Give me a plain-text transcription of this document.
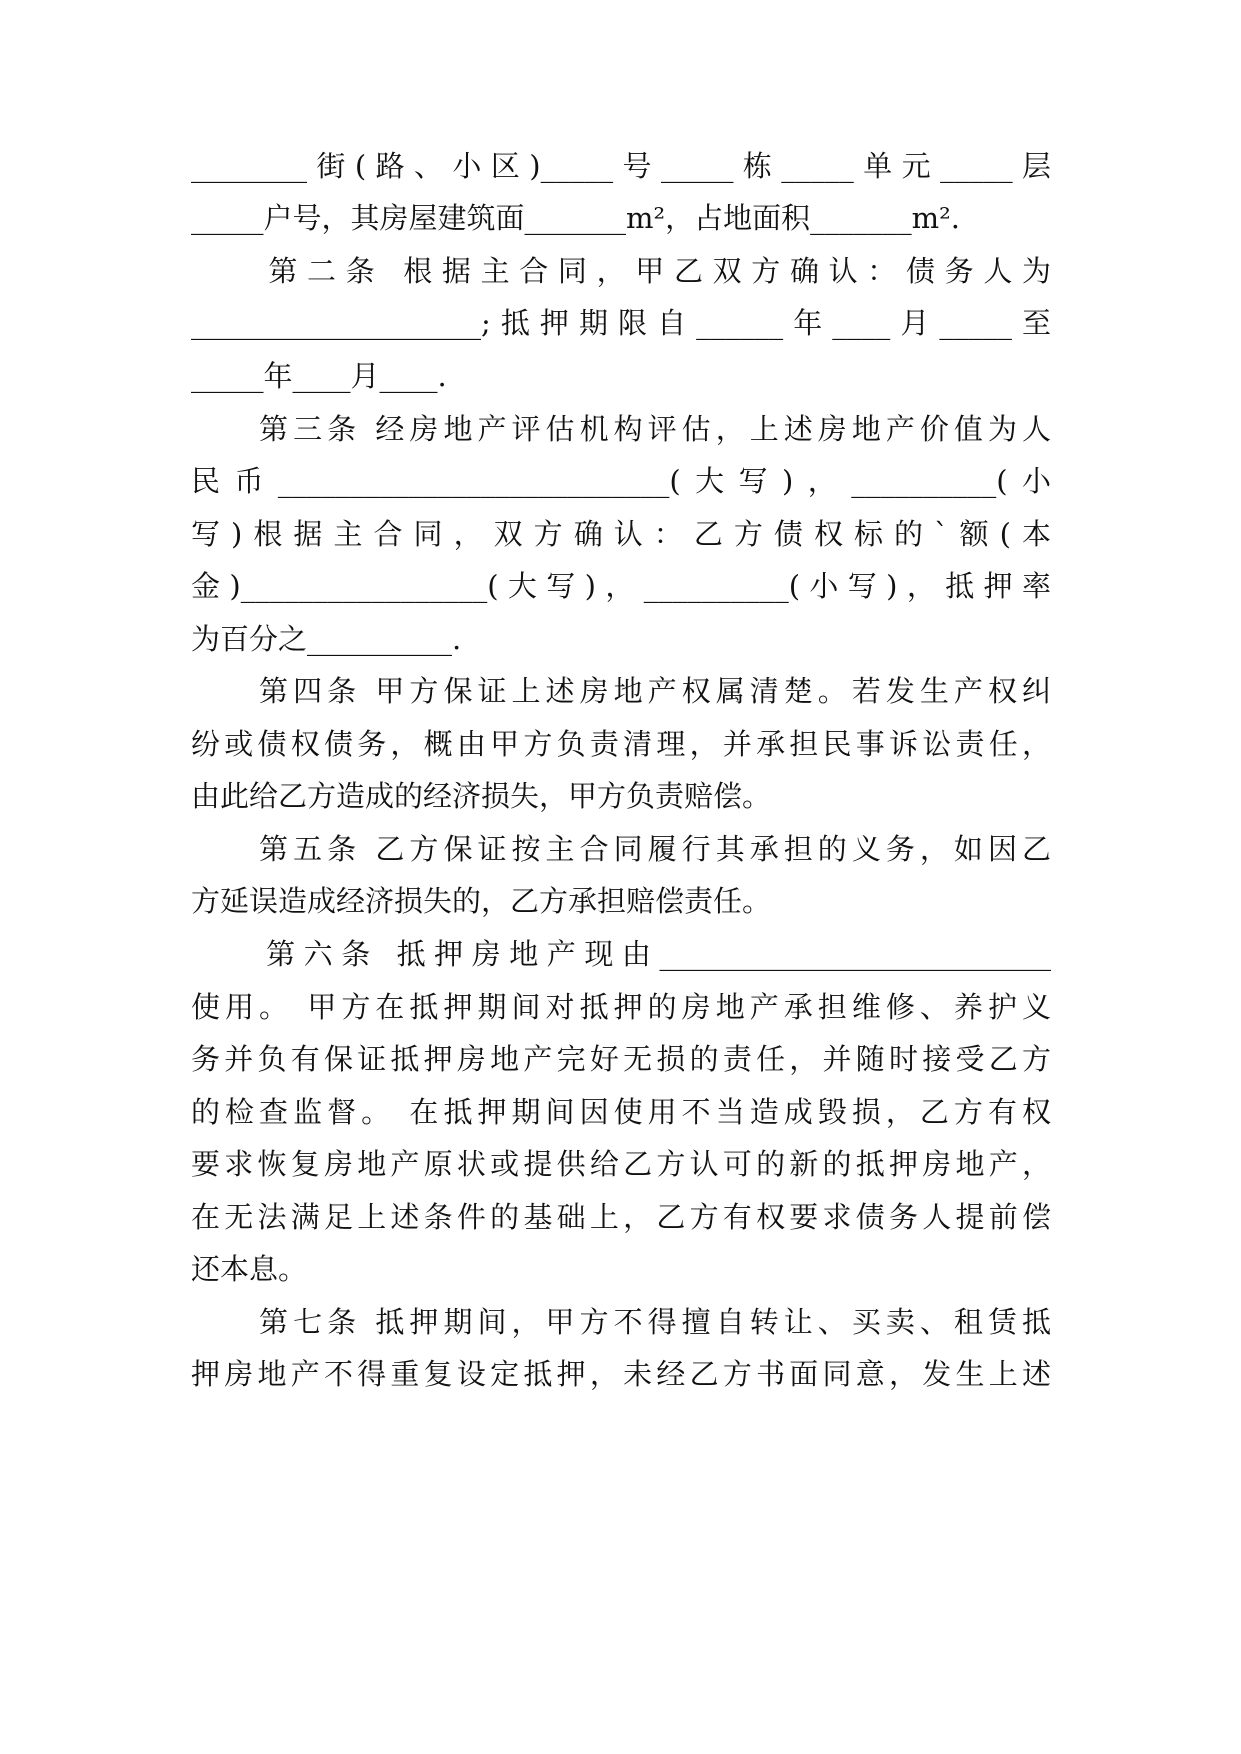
________街(路、小区)_____号_____栋_____单元_____层
_____户号，其房屋建筑面_______m²，占地面积_______m².
　　第二条 根据主合同，甲乙双方确认：债务人为
____________________;抵押期限自______年____月_____至
_____年____月____.
　　第三条 经房地产评估机构评估，上述房地产价值为人
民币___________________________(大写)，__________(小
写)根据主合同，双方确认：乙方债权标的`额(本
金)_________________(大写)，__________(小写)，抵押率
为百分之__________.
　　第四条 甲方保证上述房地产权属清楚。若发生产权纠
纷或债权债务，概由甲方负责清理，并承担民事诉讼责任，
由此给乙方造成的经济损失，甲方负责赔偿。
　　第五条 乙方保证按主合同履行其承担的义务，如因乙
方延误造成经济损失的，乙方承担赔偿责任。
　　第六条 抵押房地产现由___________________________
使用。 甲方在抵押期间对抵押的房地产承担维修、养护义
务并负有保证抵押房地产完好无损的责任，并随时接受乙方
的检查监督。 在抵押期间因使用不当造成毁损，乙方有权
要求恢复房地产原状或提供给乙方认可的新的抵押房地产，
在无法满足上述条件的基础上，乙方有权要求债务人提前偿
还本息。
　　第七条 抵押期间，甲方不得擅自转让、买卖、租赁抵
押房地产不得重复设定抵押，未经乙方书面同意，发生上述
